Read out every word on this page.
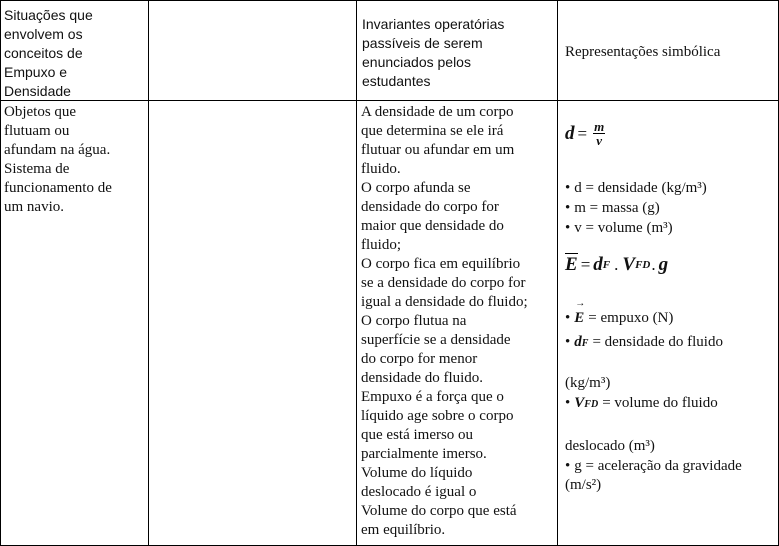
Situações que
envolvem os
conceitos de
Empuxo e
Densidade
Invariantes operatórias
passíveis de serem
enunciados pelos
estudantes
Representações simbólica
Objetos que
flutuam ou
afundam na água.
Sistema de
funcionamento de
um navio.
A densidade de um corpo
que determina se ele irá
flutuar ou afundar em um
fluido.
O corpo afunda se
densidade do corpo for
maior que densidade do
fluido;
O corpo fica em equilíbrio
se a densidade do corpo for
igual a densidade do fluido;
O corpo flutua na
superfície se a densidade
do corpo for menor
densidade do fluido.
Empuxo é a força que o
líquido age sobre o corpo
que está imerso ou
parcialmente imerso.
Volume do líquido
deslocado é igual o
Volume do corpo que está
em equilíbrio.
$d = \frac{m}{v}$
• d = densidade (kg/m³)
• m = massa (g)
• v = volume (m³)
E = d F . V FD . g
•
→
E = empuxo (N)
• d F = densidade do fluido
(kg/m³)
• V FD = volume do fluido
deslocado (m³)
• g = aceleração da gravidade
(m/s²)
